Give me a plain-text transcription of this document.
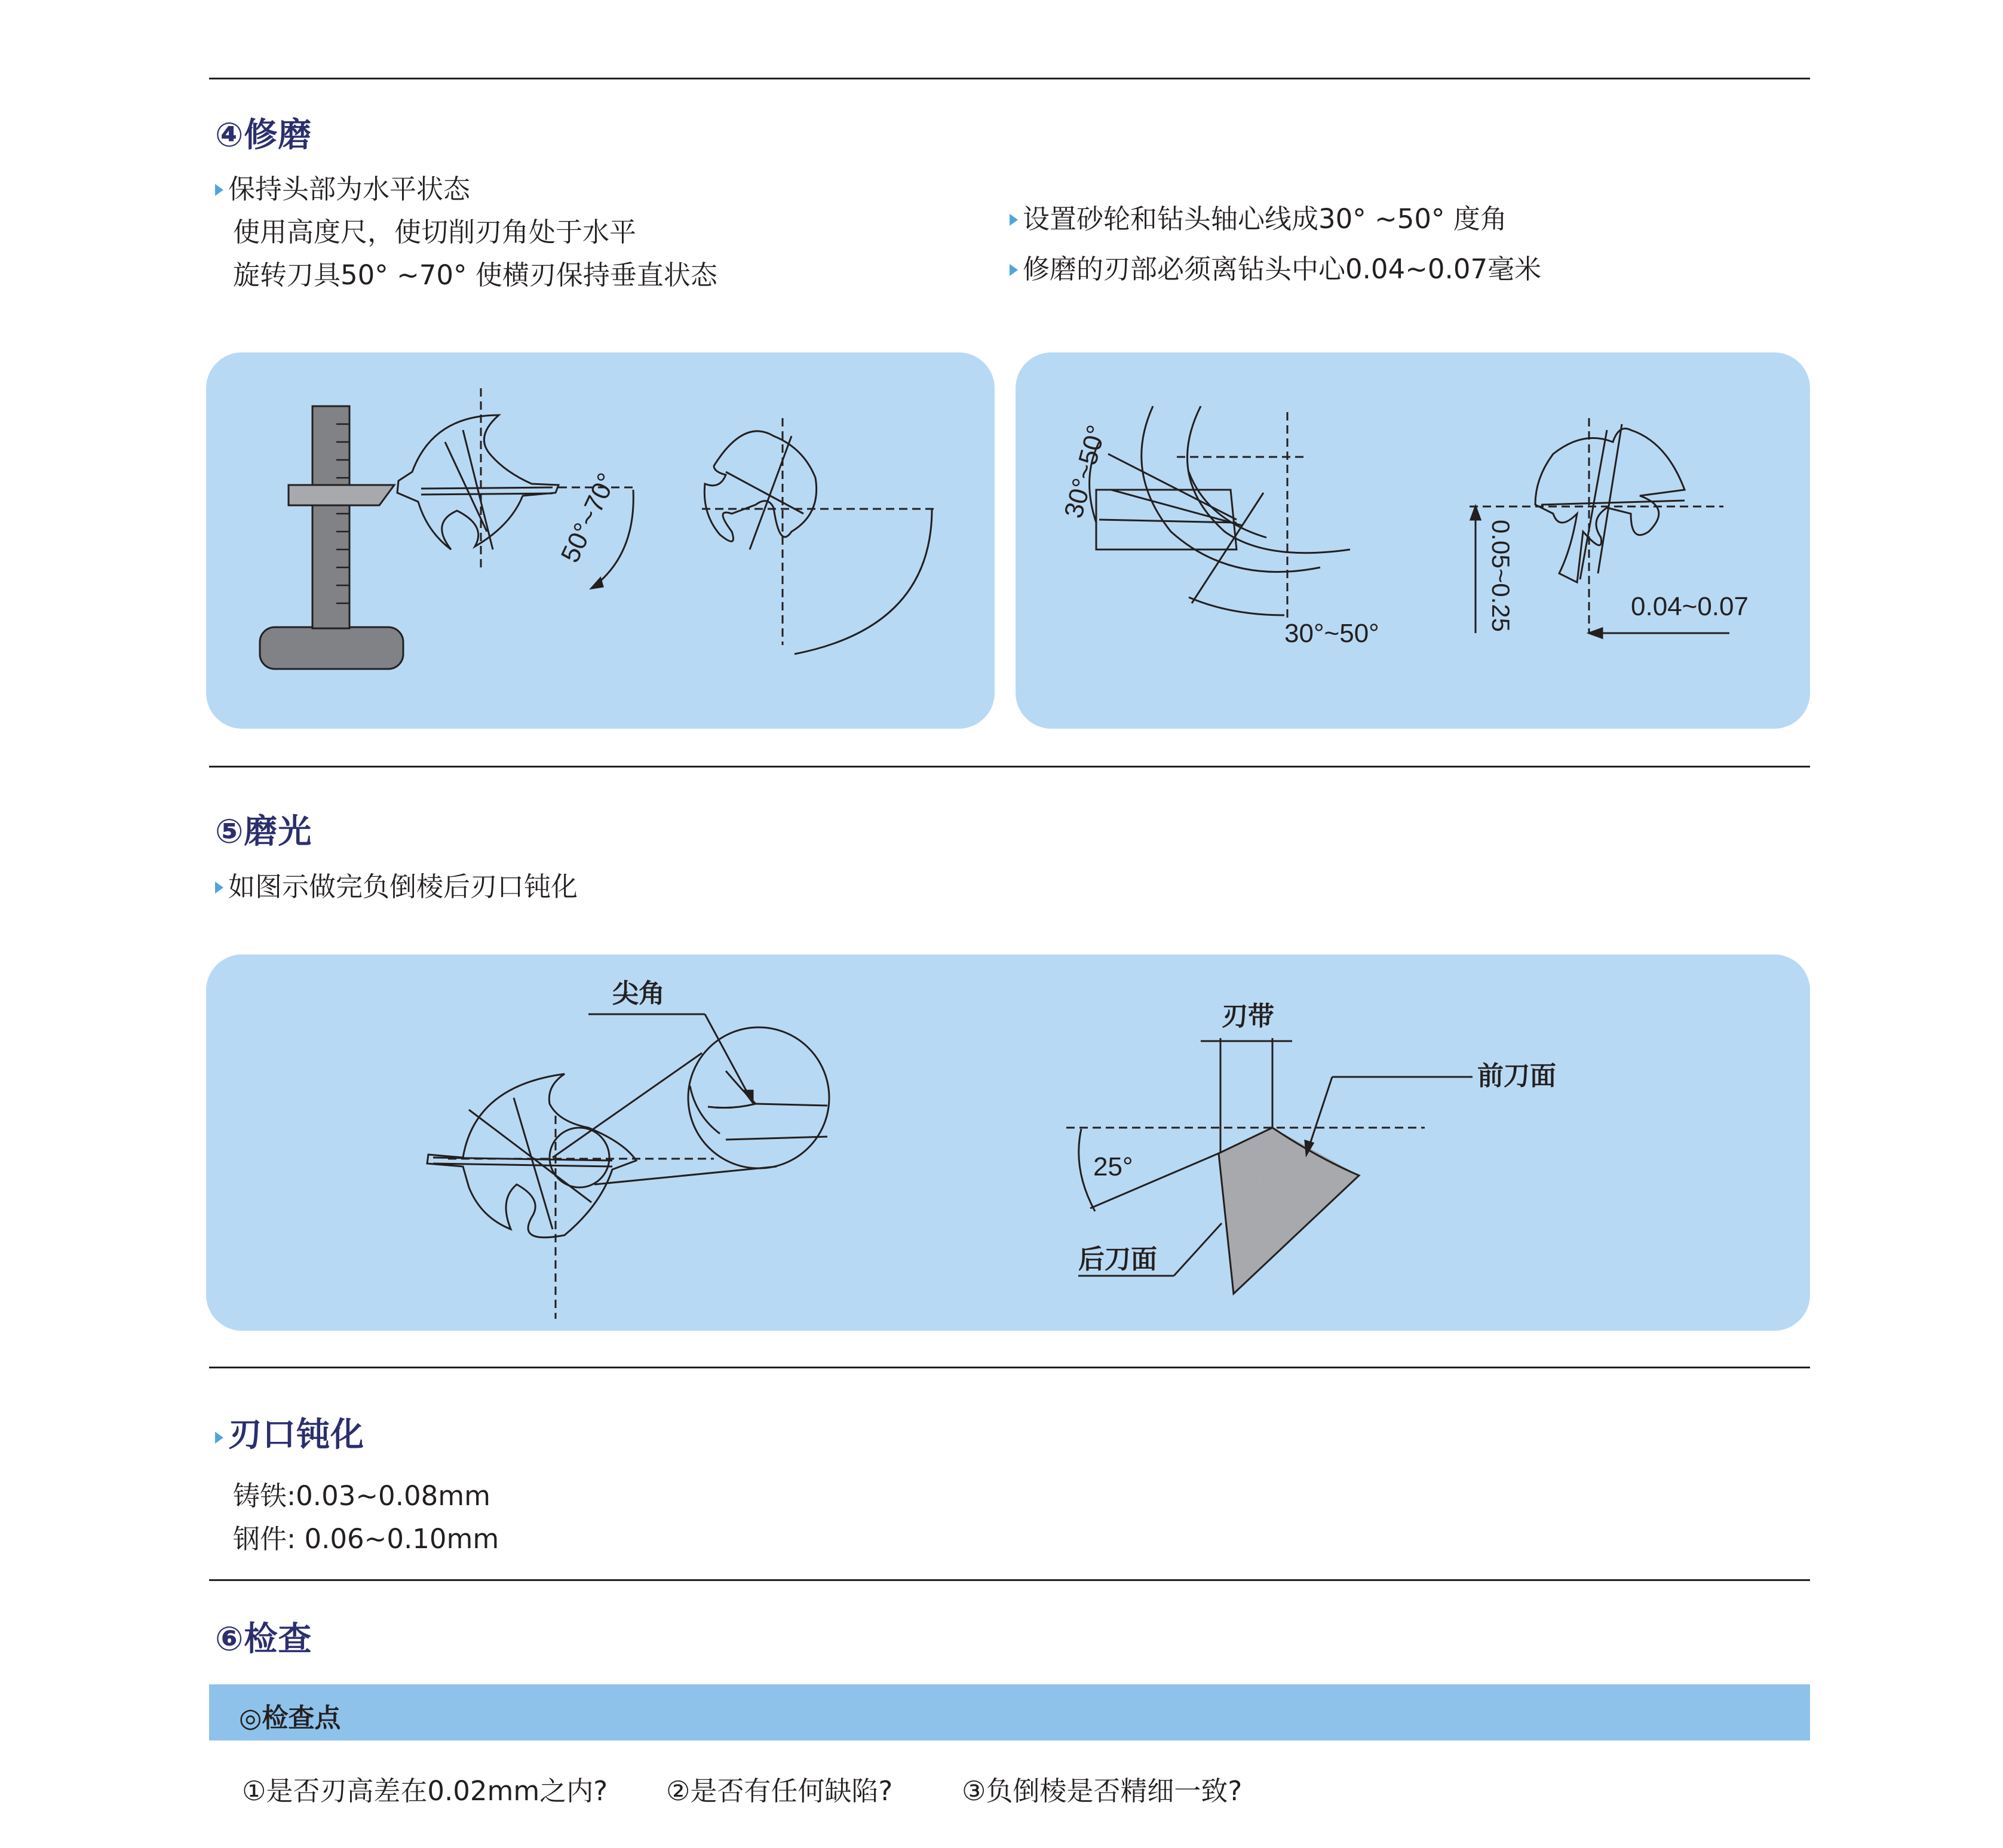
④修磨
保持头部为水平状态
使用高度尺，使切削刃角处于水平
旋转刀具50° ~70° 使横刃保持垂直状态
设置砂轮和钻头轴心线成30° ~50° 度角
修磨的刃部必须离钻头中心0.04~0.07毫米
50°~70°	30°~50°
30°~50°
0.05~0.25	0.04~0.07
⑤磨光
如图示做完负倒棱后刃口钝化
尖角
刃带
前刀面
25°
后刀面
刃口钝化
铸铁:0.03~0.08mm
钢件: 0.06~0.10mm
⑥检查
◎检查点
①是否刃高差在0.02mm之内? ②是否有任何缺陷?	③负倒棱是否精细一致?
